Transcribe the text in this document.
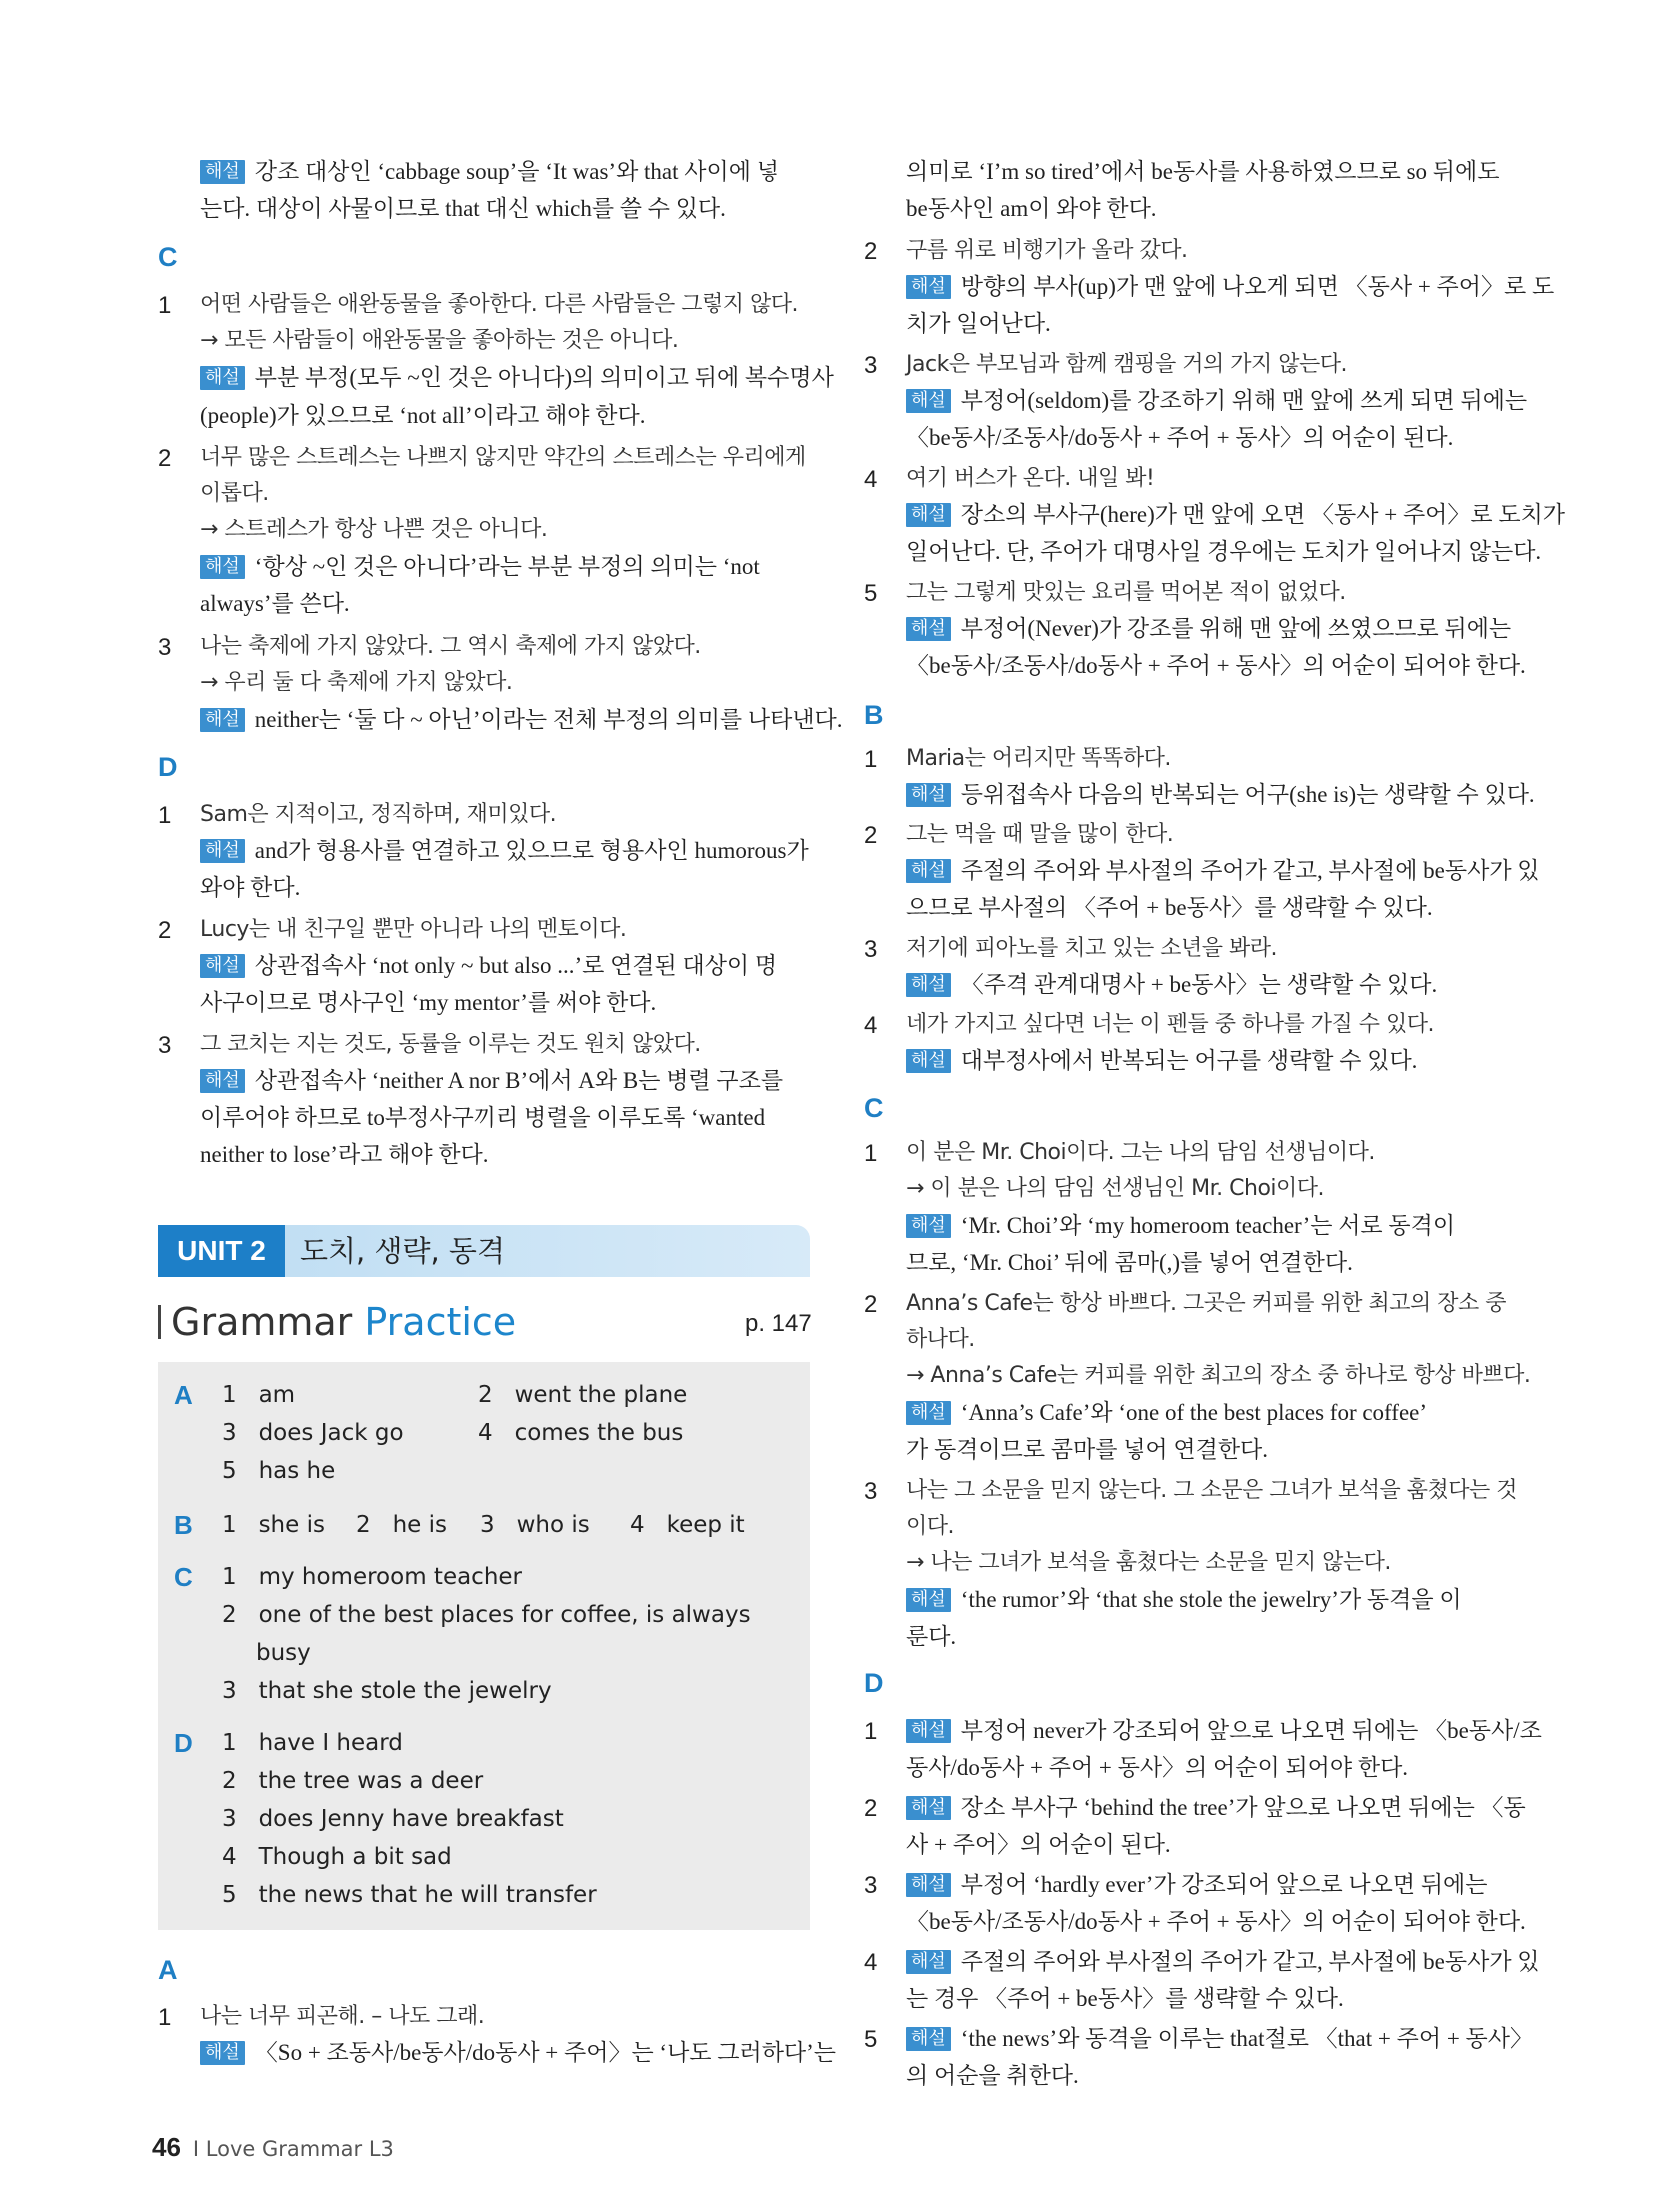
해설 강조 대상인 ‘cabbage soup’을 ‘It was’와 that 사이에 넣
는다. 대상이 사물이므로 that 대신 which를 쓸 수 있다.
C
1 어떤 사람들은 애완동물을 좋아한다. 다른 사람들은 그렇지 않다.
→ 모든 사람들이 애완동물을 좋아하는 것은 아니다.
해설 부분 부정(모두 ~인 것은 아니다)의 의미이고 뒤에 복수명사
(people)가 있으므로 ‘not all’이라고 해야 한다.
2 너무 많은 스트레스는 나쁘지 않지만 약간의 스트레스는 우리에게
이롭다.
→ 스트레스가 항상 나쁜 것은 아니다.
해설 ‘항상 ~인 것은 아니다’라는 부분 부정의 의미는 ‘not
always’를 쓴다.
3 나는 축제에 가지 않았다. 그 역시 축제에 가지 않았다.
→ 우리 둘 다 축제에 가지 않았다.
해설 neither는 ‘둘 다 ~ 아닌’이라는 전체 부정의 의미를 나타낸다.
D
1 Sam은 지적이고, 정직하며, 재미있다.
해설 and가 형용사를 연결하고 있으므로 형용사인 humorous가
와야 한다.
2 Lucy는 내 친구일 뿐만 아니라 나의 멘토이다.
해설 상관접속사 ‘not only ~ but also ...’로 연결된 대상이 명
사구이므로 명사구인 ‘my mentor’를 써야 한다.
3 그 코치는 지는 것도, 동률을 이루는 것도 원치 않았다.
해설 상관접속사 ‘neither A nor B’에서 A와 B는 병렬 구조를
이루어야 하므로 to부정사구끼리 병렬을 이루도록 ‘wanted
neither to lose’라고 해야 한다.
UNIT 2	도치, 생략, 동격
Grammar Practice	p. 147
A 1 am	2 went the plane
3 does Jack go	4 comes the bus
5 has he
B 1 she is 2 he is 3 who is 4 keep it
C 1 my homeroom teacher
2 one of the best places for coffee, is always
busy
3 that she stole the jewelry
D 1 have I heard
2 the tree was a deer
3 does Jenny have breakfast
4 Though a bit sad
5 the news that he will transfer
A
1 나는 너무 피곤해. – 나도 그래.
해설 〈So + 조동사/be동사/do동사 + 주어〉는 ‘나도 그러하다’는
46 I Love Grammar L3
의미로 ‘I’m so tired’에서 be동사를 사용하였으므로 so 뒤에도
be동사인 am이 와야 한다.
2 구름 위로 비행기가 올라 갔다.
해설 방향의 부사(up)가 맨 앞에 나오게 되면 〈동사 + 주어〉로 도
치가 일어난다.
3 Jack은 부모님과 함께 캠핑을 거의 가지 않는다.
해설 부정어(seldom)를 강조하기 위해 맨 앞에 쓰게 되면 뒤에는
〈be동사/조동사/do동사 + 주어 + 동사〉의 어순이 된다.
4 여기 버스가 온다. 내일 봐!
해설 장소의 부사구(here)가 맨 앞에 오면 〈동사 + 주어〉로 도치가
일어난다. 단, 주어가 대명사일 경우에는 도치가 일어나지 않는다.
5 그는 그렇게 맛있는 요리를 먹어본 적이 없었다.
해설 부정어(Never)가 강조를 위해 맨 앞에 쓰였으므로 뒤에는
〈be동사/조동사/do동사 + 주어 + 동사〉의 어순이 되어야 한다.
B
1 Maria는 어리지만 똑똑하다.
해설 등위접속사 다음의 반복되는 어구(she is)는 생략할 수 있다.
2 그는 먹을 때 말을 많이 한다.
해설 주절의 주어와 부사절의 주어가 같고, 부사절에 be동사가 있
으므로 부사절의 〈주어 + be동사〉를 생략할 수 있다.
3 저기에 피아노를 치고 있는 소년을 봐라.
해설 〈주격 관계대명사 + be동사〉는 생략할 수 있다.
4 네가 가지고 싶다면 너는 이 펜들 중 하나를 가질 수 있다.
해설 대부정사에서 반복되는 어구를 생략할 수 있다.
C
1 이 분은 Mr. Choi이다. 그는 나의 담임 선생님이다.
→ 이 분은 나의 담임 선생님인 Mr. Choi이다.
해설 ‘Mr. Choi’와 ‘my homeroom teacher’는 서로 동격이
므로, ‘Mr. Choi’ 뒤에 콤마(,)를 넣어 연결한다.
2 Anna’s Cafe는 항상 바쁘다. 그곳은 커피를 위한 최고의 장소 중
하나다.
→ Anna’s Cafe는 커피를 위한 최고의 장소 중 하나로 항상 바쁘다.
해설 ‘Anna’s Cafe’와 ‘one of the best places for coffee’
가 동격이므로 콤마를 넣어 연결한다.
3 나는 그 소문을 믿지 않는다. 그 소문은 그녀가 보석을 훔쳤다는 것
이다.
→ 나는 그녀가 보석을 훔쳤다는 소문을 믿지 않는다.
해설 ‘the rumor’와 ‘that she stole the jewelry’가 동격을 이
룬다.
D
1 해설 부정어 never가 강조되어 앞으로 나오면 뒤에는 〈be동사/조
동사/do동사 + 주어 + 동사〉의 어순이 되어야 한다.
2 해설 장소 부사구 ‘behind the tree’가 앞으로 나오면 뒤에는 〈동
사 + 주어〉의 어순이 된다.
3 해설 부정어 ‘hardly ever’가 강조되어 앞으로 나오면 뒤에는
〈be동사/조동사/do동사 + 주어 + 동사〉의 어순이 되어야 한다.
4 해설 주절의 주어와 부사절의 주어가 같고, 부사절에 be동사가 있
는 경우 〈주어 + be동사〉를 생략할 수 있다.
5 해설 ‘the news’와 동격을 이루는 that절로 〈that + 주어 + 동사〉
의 어순을 취한다.
